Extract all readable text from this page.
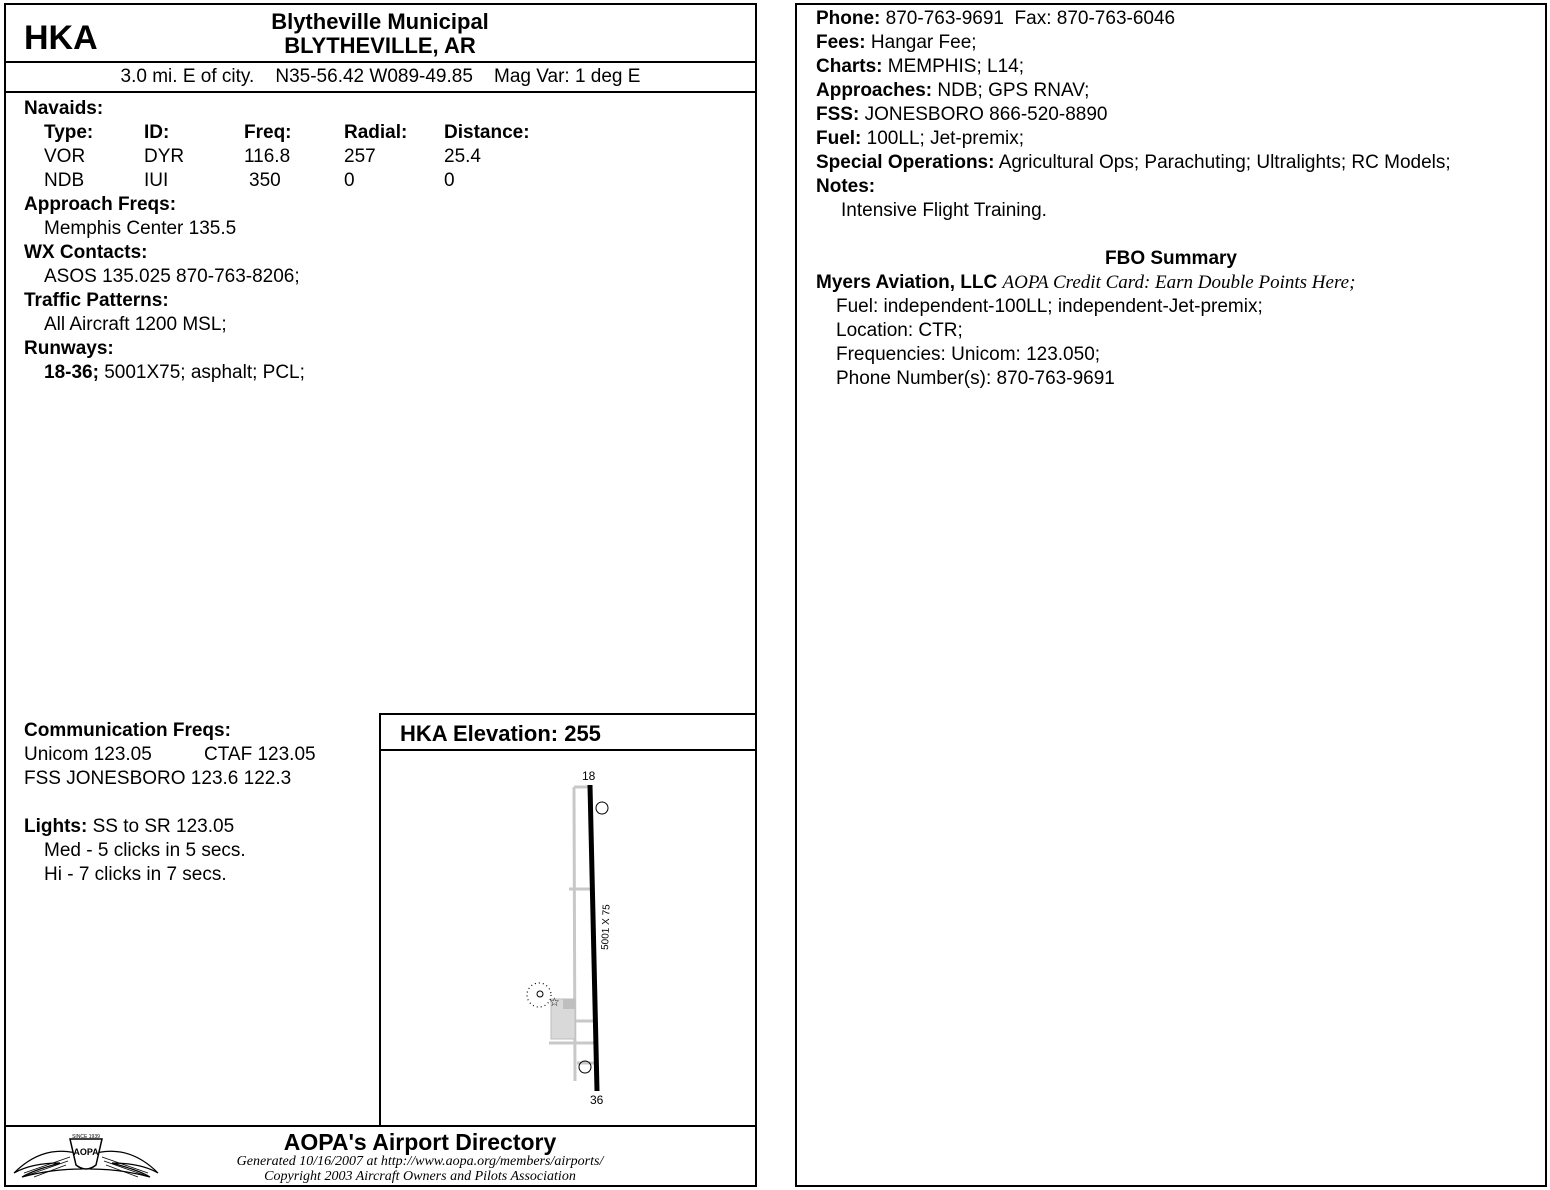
HKA	Blytheville Municipal
BLYTHEVILLE, AR
3.0 mi. E of city.    N35-56.42 W089-49.85    Mag Var: 1 deg E
Navaids:
Type:	ID:	Freq:	Radial: Distance:
VOR	DYR	116.8	257	25.4
NDB	IUI	350	0	0
Approach Freqs:
Memphis Center 135.5
WX Contacts:
ASOS 135.025 870-763-8206;
Traffic Patterns:
All Aircraft 1200 MSL;
Runways:
18-36; 5001X75; asphalt; PCL;
Communication Freqs:
Unicom 123.05	CTAF 123.05
FSS JONESBORO 123.6 122.3
Lights: SS to SR 123.05
Med - 5 clicks in 5 secs.
Hi - 7 clicks in 7 secs.
HKA Elevation: 255
☆
18
36
5001 X 75
SINCE 1939
AOPA	AOPA's Airport Directory
Generated 10/16/2007 at http://www.aopa.org/members/airports/
Copyright 2003 Aircraft Owners and Pilots Association
Phone: 870-763-9691  Fax: 870-763-6046
Fees: Hangar Fee;
Charts: MEMPHIS; L14;
Approaches: NDB; GPS RNAV;
FSS: JONESBORO 866-520-8890
Fuel: 100LL; Jet-premix;
Special Operations: Agricultural Ops; Parachuting; Ultralights; RC Models;
Notes:
Intensive Flight Training.
FBO Summary
Myers Aviation, LLC AOPA Credit Card: Earn Double Points Here;
Fuel: independent-100LL; independent-Jet-premix;
Location: CTR;
Frequencies: Unicom: 123.050;
Phone Number(s): 870-763-9691
